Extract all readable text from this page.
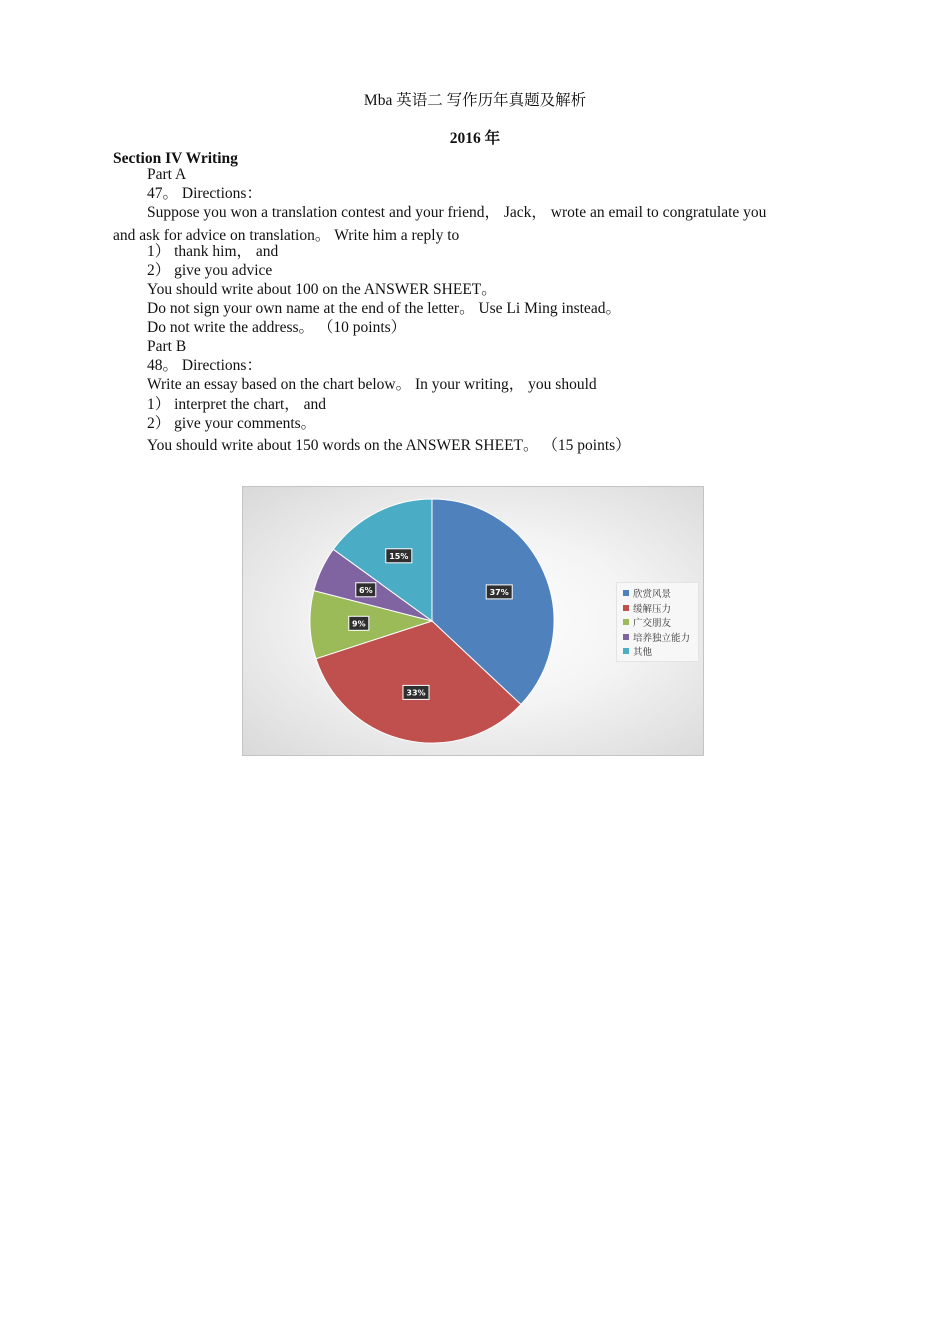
Mba 英语二 写作历年真题及解析
2016 年
Section IV Writing
Part A
47。 Directions：
Suppose you won a translation contest and your friend， Jack， wrote an email to congratulate you
and ask for advice on translation。 Write him a reply to
1） thank him， and
2） give you advice
You should write about 100 on the ANSWER SHEET。
Do not sign your own name at the end of the letter。 Use Li Ming instead。
Do not write the address。 （10 points）
Part B
48。 Directions：
Write an essay based on the chart below。 In your writing， you should
1） interpret the chart， and
2） give your comments。
You should write about 150 words on the ANSWER SHEET。 （15 points）
37%
33%
9%
6%
15%
欣赏风景
缓解压力
广交朋友
培养独立能力
其他
